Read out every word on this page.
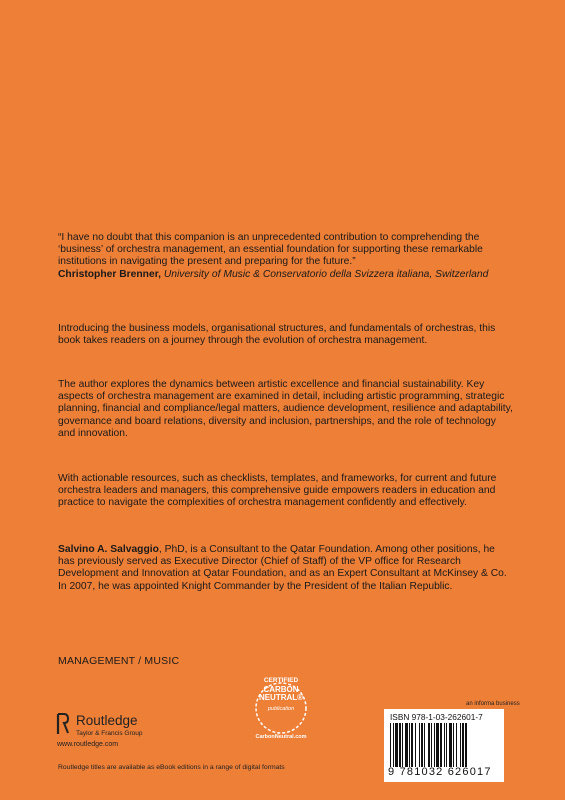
“I have no doubt that this companion is an unprecedented contribution to comprehending the ‘business’ of orchestra management, an essential foundation for supporting these remarkable institutions in navigating the present and preparing for the future.”
Christopher Brenner, University of Music & Conservatorio della Svizzera italiana, Switzerland
Introducing the business models, organisational structures, and fundamentals of orchestras, this book takes readers on a journey through the evolution of orchestra management.
The author explores the dynamics between artistic excellence and financial sustainability. Key aspects of orchestra management are examined in detail, including artistic programming, strategic planning, financial and compliance/legal matters, audience development, resilience and adaptability, governance and board relations, diversity and inclusion, partnerships, and the role of technology and innovation.
With actionable resources, such as checklists, templates, and frameworks, for current and future orchestra leaders and managers, this comprehensive guide empowers readers in education and practice to navigate the complexities of orchestra management confidently and effectively.
Salvino A. Salvaggio, PhD, is a Consultant to the Qatar Foundation. Among other positions, he has previously served as Executive Director (Chief of Staff) of the VP office for Research Development and Innovation at Qatar Foundation, and as an Expert Consultant at McKinsey & Co. In 2007, he was appointed Knight Commander by the President of the Italian Republic.
MANAGEMENT / MUSIC
Routledge
Taylor & Francis Group
www.routledge.com
CERTIFIED
CARBON NEUTRAL®
publication
CarbonNeutral.com
an informa business
ISBN 978-1-03-262601-7
9 781032 626017
Routledge titles are available as eBook editions in a range of digital formats
